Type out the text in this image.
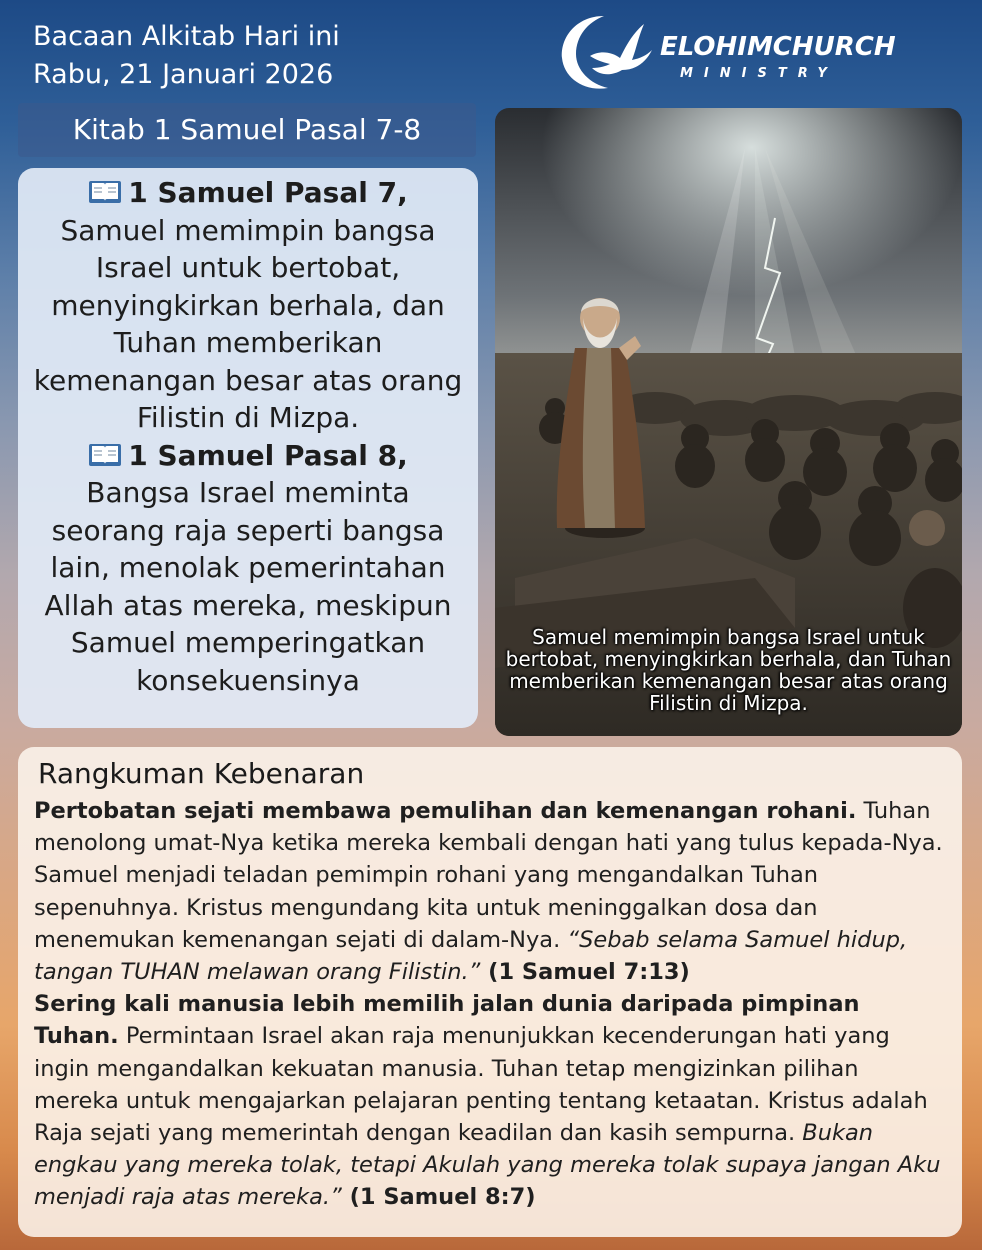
Bacaan Alkitab Hari ini
Rabu, 21 Januari 2026
ELOHIMCHURCH
MINISTRY
Kitab 1 Samuel Pasal 7-8
1 Samuel Pasal 7,
Samuel memimpin bangsa Israel untuk bertobat, menyingkirkan berhala, dan Tuhan memberikan kemenangan besar atas orang Filistin di Mizpa.
1 Samuel Pasal 8,
Bangsa Israel meminta seorang raja seperti bangsa lain, menolak pemerintahan Allah atas mereka, meskipun Samuel memperingatkan konsekuensinya
Samuel memimpin bangsa Israel untuk bertobat, menyingkirkan berhala, dan Tuhan memberikan kemenangan besar atas orang Filistin di Mizpa.
Rangkuman Kebenaran

Pertobatan sejati membawa pemulihan dan kemenangan rohani. Tuhan menolong umat-Nya ketika mereka kembali dengan hati yang tulus kepada-Nya. Samuel menjadi teladan pemimpin rohani yang mengandalkan Tuhan sepenuhnya. Kristus mengundang kita untuk meninggalkan dosa dan menemukan kemenangan sejati di dalam-Nya. “Sebab selama Samuel hidup, tangan TUHAN melawan orang Filistin.” (1 Samuel 7:13)

Sering kali manusia lebih memilih jalan dunia daripada pimpinan Tuhan. Permintaan Israel akan raja menunjukkan kecenderungan hati yang ingin mengandalkan kekuatan manusia. Tuhan tetap mengizinkan pilihan mereka untuk mengajarkan pelajaran penting tentang ketaatan. Kristus adalah Raja sejati yang memerintah dengan keadilan dan kasih sempurna. Bukan engkau yang mereka tolak, tetapi Akulah yang mereka tolak supaya jangan Aku menjadi raja atas mereka.” (1 Samuel 8:7)
